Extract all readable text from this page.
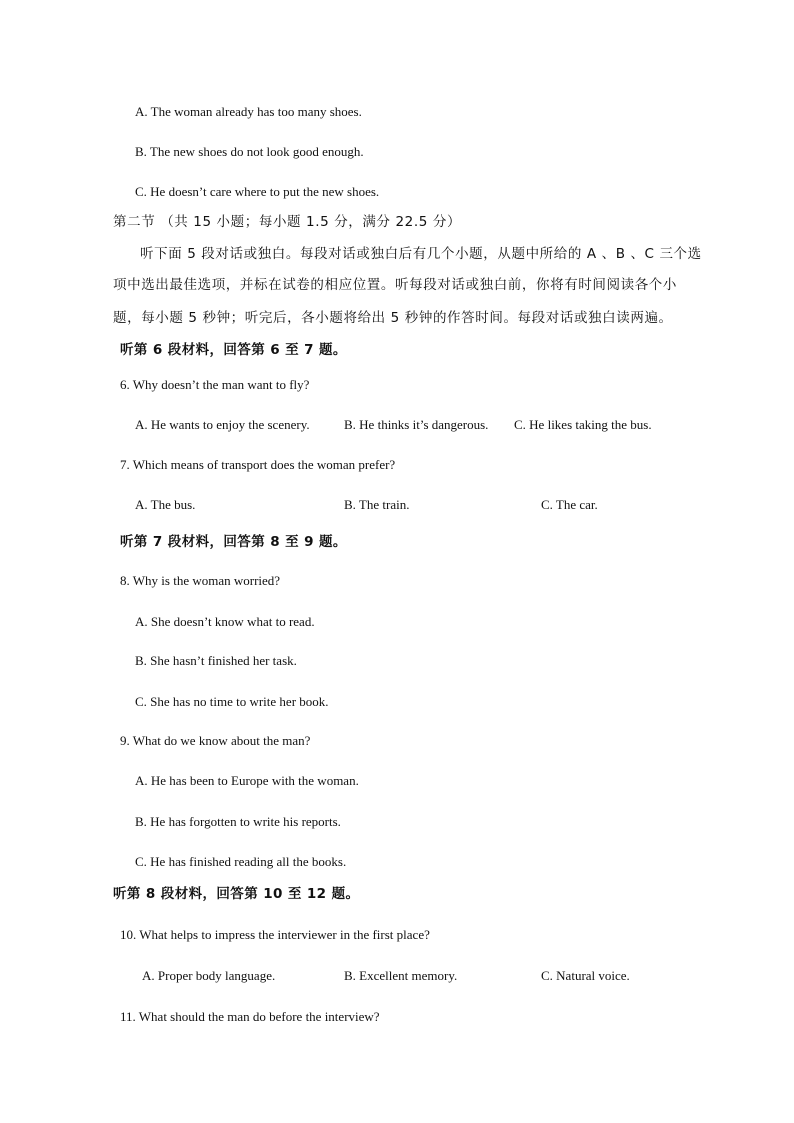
A. The woman already has too many shoes.
B. The new shoes do not look good enough.
C. He doesn’t care where to put the new shoes.
第二节 （共 15 小题；每小题 1.5 分，满分 22.5 分）
听下面 5 段对话或独白。每段对话或独白后有几个小题，从题中所给的 A 、B 、C 三个选
项中选出最佳选项，并标在试卷的相应位置。听每段对话或独白前，你将有时间阅读各个小
题，每小题 5 秒钟；听完后，各小题将给出 5 秒钟的作答时间。每段对话或独白读两遍。
听第 6 段材料，回答第 6 至 7 题。
6. Why doesn’t the man want to fly?
A. He wants to enjoy the scenery.	B. He thinks it’s dangerous. C. He likes taking the bus.
7. Which means of transport does the woman prefer?
A. The bus.	B. The train.	C. The car.
听第 7 段材料，回答第 8 至 9 题。
8. Why is the woman worried?
A. She doesn’t know what to read.
B. She hasn’t finished her task.
C. She has no time to write her book.
9. What do we know about the man?
A. He has been to Europe with the woman.
B. He has forgotten to write his reports.
C. He has finished reading all the books.
听第 8 段材料，回答第 10 至 12 题。
10. What helps to impress the interviewer in the first place?
A. Proper body language.	B. Excellent memory.	C. Natural voice.
11. What should the man do before the interview?
